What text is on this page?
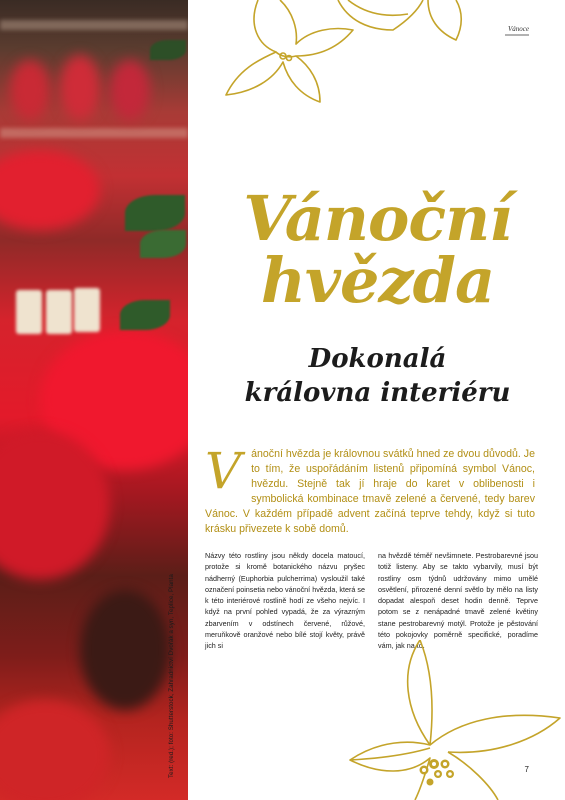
Text: (red.); foto: Shutterstock, Zahradnictví Dvořák a syn, Teplice, Planta
Vánoce
Vánoční
hvězda
Dokonalá
královna interiéru
Vánoční hvězda je královnou svátků hned ze dvou důvodů. Je to tím, že uspořádáním listenů připomíná symbol Vánoc, hvězdu. Stejně tak jí hraje do karet v oblibenosti i symbolická kombinace tmavě zelené a červené, tedy barev Vánoc. V každém případě advent začíná teprve tehdy, když si tuto krásku přivezete k sobě domů.
Názvy této rostliny jsou někdy docela matoucí, protože si kromě botanického názvu pryšec nádherný (Euphorbia pulcherrima) vysloužil také označení poinsetia nebo vánoční hvězda, která se k této interiérové rostlině hodí ze všeho nejvíc. I když na první pohled vypadá, že za výrazným zbarvením v odstínech červené, růžové, meruňkově oranžové nebo bílé stojí květy, právě jich si
na hvězdě téměř nevšimnete. Pestrobarevné jsou totiž listeny. Aby se takto vybarvily, musí být rostliny osm týdnů udržovány mimo umělé osvětlení, přirozené denní světlo by mělo na listy dopadat alespoň deset hodin denně. Teprve potom se z nenápadné tmavě zelené květiny stane pestrobarevný motýl. Protože je pěstování této pokojovky poměrně specifické, poradíme vám, jak na to.
7
